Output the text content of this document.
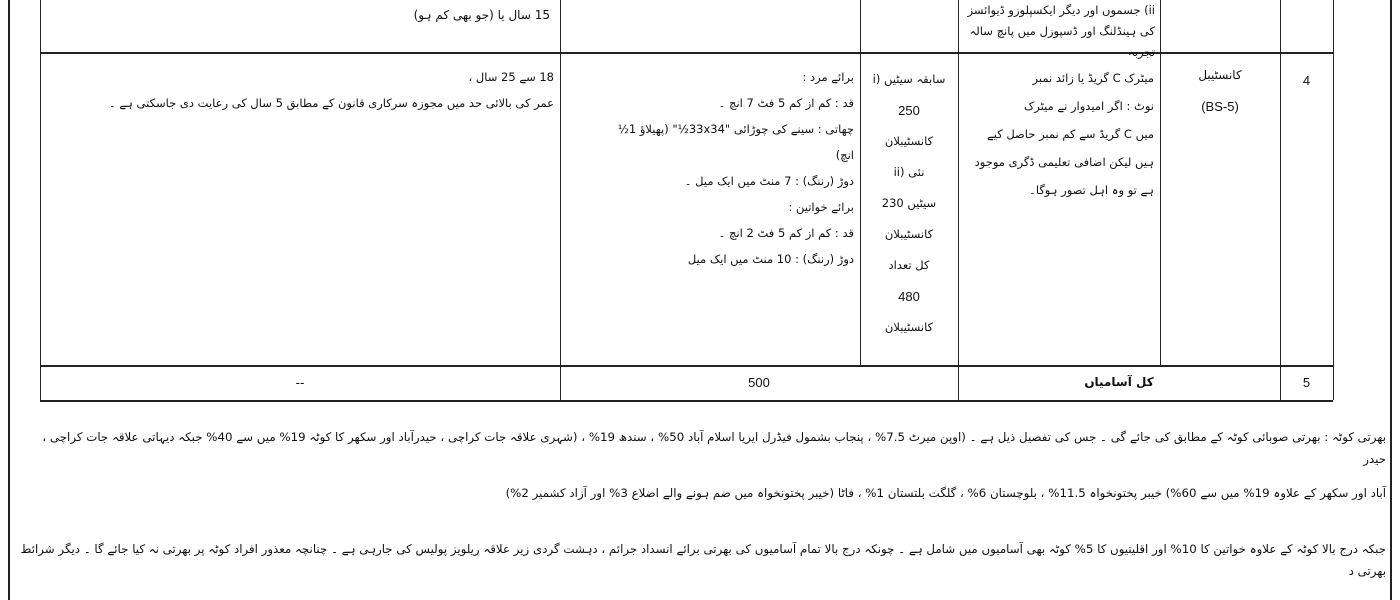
15 سال یا (جو بھی کم ہو)	ii) جسموں اور دیگر ایکسپلوزو ڈیوائسز
کی ہینڈلنگ اور ڈسپوزل میں پانچ سالہ تجربہ
4
کانسٹیبل
(BS-5)
میٹرک C گریڈ یا زائد نمبر
نوٹ : اگر امیدوار نے میٹرک
میں C گریڈ سے کم نمبر حاصل کیے
ہیں لیکن اضافی تعلیمی ڈگری موجود
ہے تو وہ اہل تصور ہوگا۔
i) سابقہ سیٹیں
250
کانسٹیبلان
ii) نئی
سیٹیں 230
کانسٹیبلان
کل تعداد
480
کانسٹیبلان
برائے مرد :
قد : کم از کم 5 فٹ 7 انچ ۔
چھاتی : سینے کی چوڑائی "33x34½" (پھیلاؤ 1½
انچ)
دوڑ (رننگ) : 7 منٹ میں ایک میل ۔
برائے خواتین :
قد : کم از کم 5 فٹ 2 انچ ۔
دوڑ (رننگ) : 10 منٹ میں ایک میل
18 سے 25 سال ،
عمر کی بالائی حد میں مجوزہ سرکاری قانون کے مطابق 5 سال کی رعایت دی جاسکتی ہے ۔
5
کل آسامیاں
500
--
بھرتی کوٹہ : بھرتی صوبائی کوٹہ کے مطابق کی جائے گی ۔ جس کی تفصیل ذیل ہے ۔ (اوپن میرٹ 7.5% ، پنجاب بشمول فیڈرل ایریا اسلام آباد 50% ، سندھ 19% ، (شہری علاقہ جات کراچی ، حیدرآباد اور سکھر کا کوٹہ 19% میں سے 40% جبکہ دیہاتی علاقہ جات کراچی ، حیدر
آباد اور سکھر کے علاوہ 19% میں سے 60%) خیبر پختونخواہ 11.5% ، بلوچستان 6% ، گلگت بلتستان 1% ، فاٹا (خیبر پختونخواہ میں ضم ہونے والے اضلاع 3% اور آزاد کشمیر 2%)
جبکہ درج بالا کوٹہ کے علاوہ خواتین کا 10% اور اقلیتیوں کا 5% کوٹہ بھی آسامیوں میں شامل ہے ۔ چونکہ درج بالا تمام آسامیوں کی بھرتی برائے انسداد جرائم ، دہشت گردی زیر علاقہ ریلویز پولیس کی جارہی ہے ۔ چنانچہ معذور افراد کوٹہ پر بھرتی نہ کیا جائے گا ۔ دیگر شرائط بھرتی د
